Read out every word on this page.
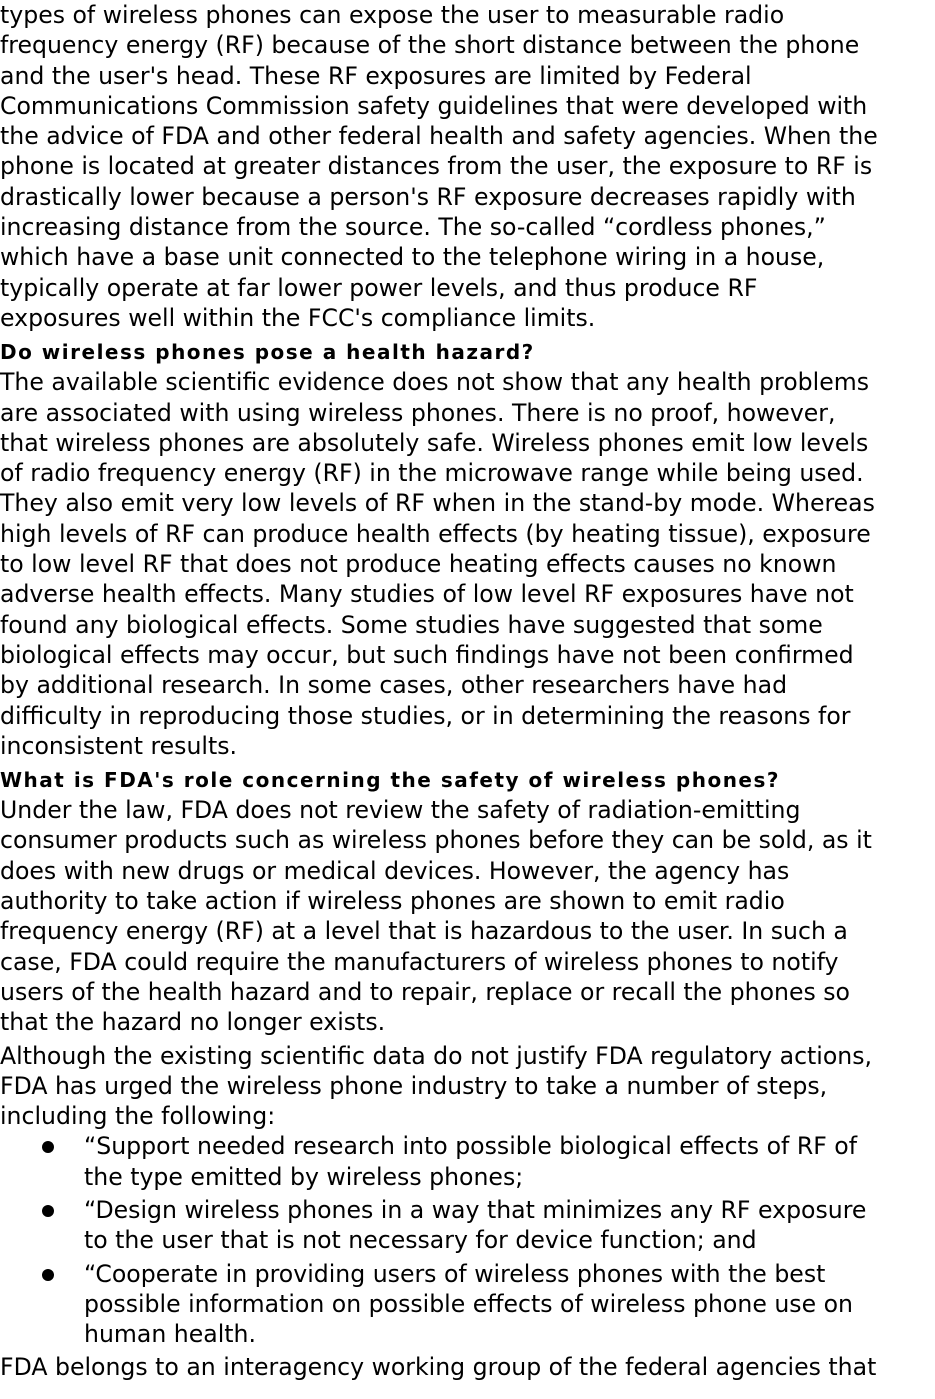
types of wireless phones can expose the user to measurable radio
frequency energy (RF) because of the short distance between the phone
and the user's head. These RF exposures are limited by Federal
Communications Commission safety guidelines that were developed with
the advice of FDA and other federal health and safety agencies. When the
phone is located at greater distances from the user, the exposure to RF is
drastically lower because a person's RF exposure decreases rapidly with
increasing distance from the source. The so-called “cordless phones,”
which have a base unit connected to the telephone wiring in a house,
typically operate at far lower power levels, and thus produce RF
exposures well within the FCC's compliance limits.

Do wireless phones pose a health hazard?

The available scientific evidence does not show that any health problems
are associated with using wireless phones. There is no proof, however,
that wireless phones are absolutely safe. Wireless phones emit low levels
of radio frequency energy (RF) in the microwave range while being used.
They also emit very low levels of RF when in the stand-by mode. Whereas
high levels of RF can produce health effects (by heating tissue), exposure
to low level RF that does not produce heating effects causes no known
adverse health effects. Many studies of low level RF exposures have not
found any biological effects. Some studies have suggested that some
biological effects may occur, but such findings have not been confirmed
by additional research. In some cases, other researchers have had
difficulty in reproducing those studies, or in determining the reasons for
inconsistent results.

What is FDA's role concerning the safety of wireless phones?

Under the law, FDA does not review the safety of radiation-emitting
consumer products such as wireless phones before they can be sold, as it
does with new drugs or medical devices. However, the agency has
authority to take action if wireless phones are shown to emit radio
frequency energy (RF) at a level that is hazardous to the user. In such a
case, FDA could require the manufacturers of wireless phones to notify
users of the health hazard and to repair, replace or recall the phones so
that the hazard no longer exists.

Although the existing scientific data do not justify FDA regulatory actions,
FDA has urged the wireless phone industry to take a number of steps,
including the following:

“Support needed research into possible biological effects of RF of
the type emitted by wireless phones;

“Design wireless phones in a way that minimizes any RF exposure
to the user that is not necessary for device function; and

“Cooperate in providing users of wireless phones with the best
possible information on possible effects of wireless phone use on
human health.

FDA belongs to an interagency working group of the federal agencies that
